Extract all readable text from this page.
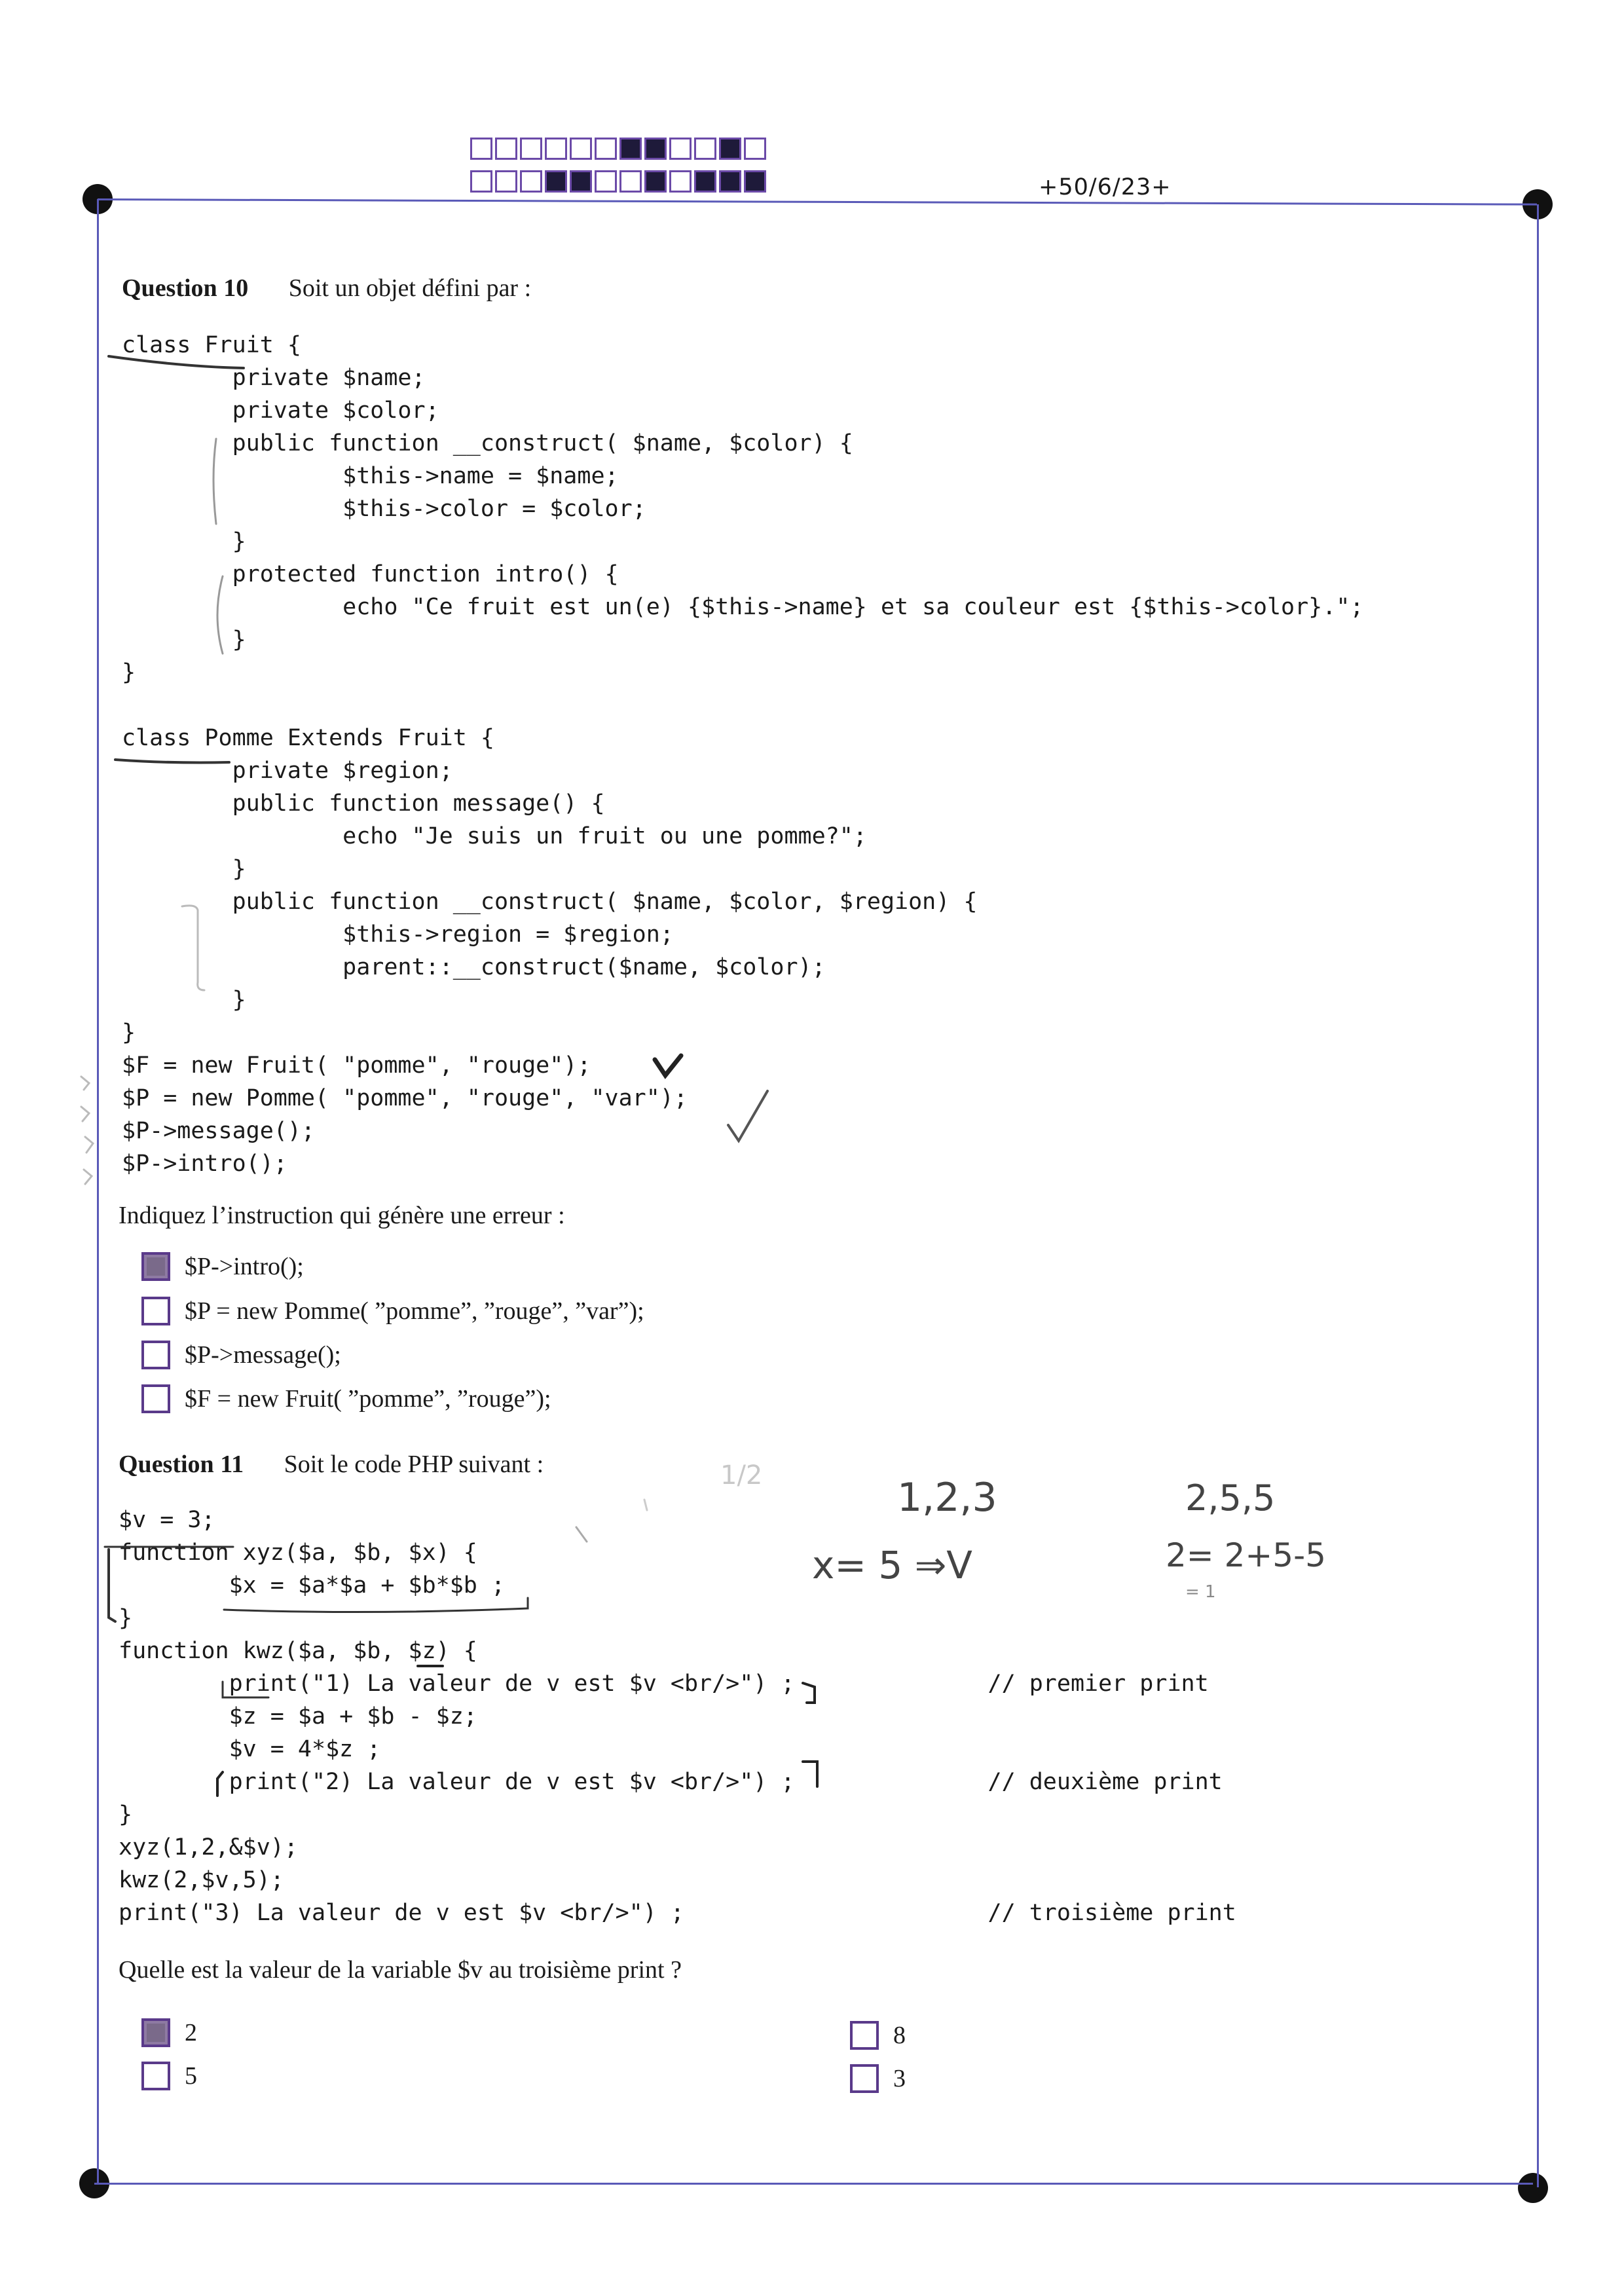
+50/6/23+
Question 10 Soit un objet défini par :
class Fruit {
private $name;
private $color;
public function __construct( $name, $color) {
$this->name = $name;
$this->color = $color;
}
protected function intro() {
echo "Ce fruit est un(e) {$this->name} et sa couleur est {$this->color}.";
}
}

class Pomme Extends Fruit {
private $region;
public function message() {
echo "Je suis un fruit ou une pomme?";
}
public function __construct( $name, $color, $region) {
$this->region = $region;
parent::__construct($name, $color);
}
}
$F = new Fruit( "pomme", "rouge");
$P = new Pomme( "pomme", "rouge", "var");
$P->message();
$P->intro();
Indiquez l’instruction qui génère une erreur :
$P->intro();
$P = new Pomme( ”pomme”, ”rouge”, ”var”);
$P->message();
$F = new Fruit( ”pomme”, ”rouge”);
Question 11 Soit le code PHP suivant :
$v = 3;
function xyz($a, $b, $x) {
$x = $a*$a + $b*$b ;
}
function kwz($a, $b, $z) {
print("1) La valeur de v est $v <br/>") ;              // premier print
$z = $a + $b - $z;
$v = 4*$z ;
print("2) La valeur de v est $v <br/>") ;              // deuxième print
}
xyz(1,2,&$v);
kwz(2,$v,5);
print("3) La valeur de v est $v <br/>") ;                      // troisième print
Quelle est la valeur de la variable $v au troisième print ?
2
5
8
3
1,2,3
x= 5 ⇒V
2,5,5
2= 2+5-5
= 1
1/2
